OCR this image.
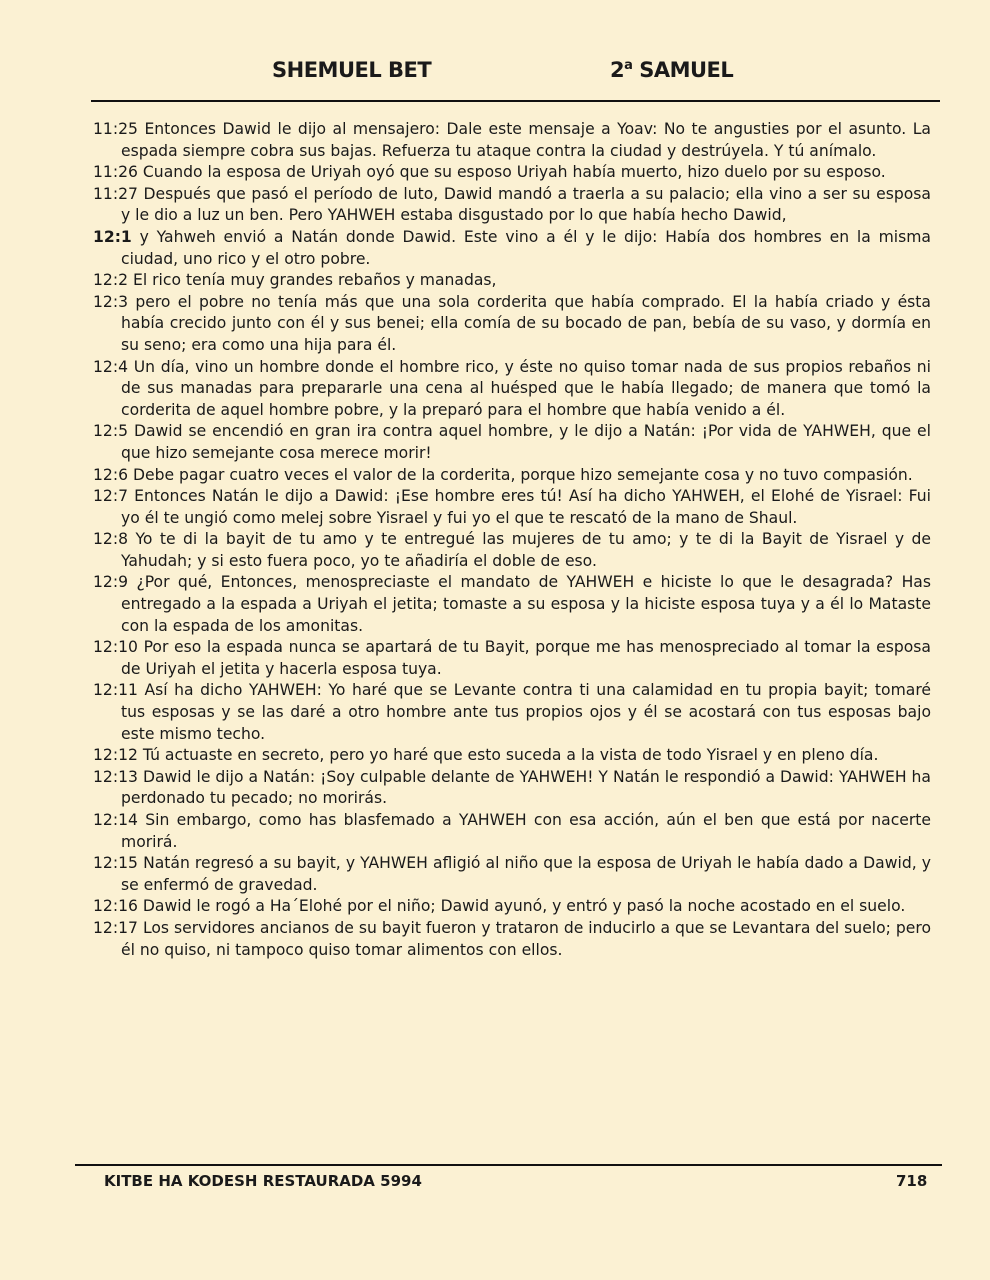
SHEMUEL BET	2$^a$ SAMUEL

11:25 Entonces Dawid le dijo al mensajero: Dale este mensaje a Yoav: No te angusties por el asunto. La espada siempre cobra sus bajas. Refuerza tu ataque contra la ciudad y destrúyela. Y tú anímalo.

11:26 Cuando la esposa de Uriyah oyó que su esposo Uriyah había muerto, hizo duelo por su esposo.

11:27 Después que pasó el período de luto, Dawid mandó a traerla a su palacio; ella vino a ser su esposa y le dio a luz un ben. Pero YAHWEH estaba disgustado por lo que había hecho Dawid,

12:1 y Yahweh envió a Natán donde Dawid. Este vino a él y le dijo: Había dos hombres en la misma ciudad, uno rico y el otro pobre.

12:2 El rico tenía muy grandes rebaños y manadas,

12:3 pero el pobre no tenía más que una sola corderita que había comprado. El la había criado y ésta había crecido junto con él y sus benei; ella comía de su bocado de pan, bebía de su vaso, y dormía en su seno; era como una hija para él.

12:4 Un día, vino un hombre donde el hombre rico, y éste no quiso tomar nada de sus propios rebaños ni de sus manadas para prepararle una cena al huésped que le había llegado; de manera que tomó la corderita de aquel hombre pobre, y la preparó para el hombre que había venido a él.

12:5 Dawid se encendió en gran ira contra aquel hombre, y le dijo a Natán: ¡Por vida de YAHWEH, que el que hizo semejante cosa merece morir!

12:6 Debe pagar cuatro veces el valor de la corderita, porque hizo semejante cosa y no tuvo compasión.

12:7 Entonces Natán le dijo a Dawid: ¡Ese hombre eres tú! Así ha dicho YAHWEH, el Elohé de Yisrael: Fui yo él te ungió como melej sobre Yisrael y fui yo el que te rescató de la mano de Shaul.

12:8 Yo te di la bayit de tu amo y te entregué las mujeres de tu amo; y te di la Bayit de Yisrael y de Yahudah; y si esto fuera poco, yo te añadiría el doble de eso.

12:9 ¿Por qué, Entonces, menospreciaste el mandato de YAHWEH e hiciste lo que le desagrada? Has entregado a la espada a Uriyah el jetita; tomaste a su esposa y la hiciste esposa tuya y a él lo Mataste con la espada de los amonitas.

12:10 Por eso la espada nunca se apartará de tu Bayit, porque me has menospreciado al tomar la esposa de Uriyah el jetita y hacerla esposa tuya.

12:11 Así ha dicho YAHWEH: Yo haré que se Levante contra ti una calamidad en tu propia bayit; tomaré tus esposas y se las daré a otro hombre ante tus propios ojos y él se acostará con tus esposas bajo este mismo techo.

12:12 Tú actuaste en secreto, pero yo haré que esto suceda a la vista de todo Yisrael y en pleno día.

12:13 Dawid le dijo a Natán: ¡Soy culpable delante de YAHWEH! Y Natán le respondió a Dawid: YAHWEH ha perdonado tu pecado; no morirás.

12:14 Sin embargo, como has blasfemado a YAHWEH con esa acción, aún el ben que está por nacerte morirá.

12:15 Natán regresó a su bayit, y YAHWEH afligió al niño que la esposa de Uriyah le había dado a Dawid, y se enfermó de gravedad.

12:16 Dawid le rogó a Ha´Elohé por el niño; Dawid ayunó, y entró y pasó la noche acostado en el suelo.

12:17 Los servidores ancianos de su bayit fueron y trataron de inducirlo a que se Levantara del suelo; pero él no quiso, ni tampoco quiso tomar alimentos con ellos.

KITBE HA KODESH RESTAURADA 5994	718
